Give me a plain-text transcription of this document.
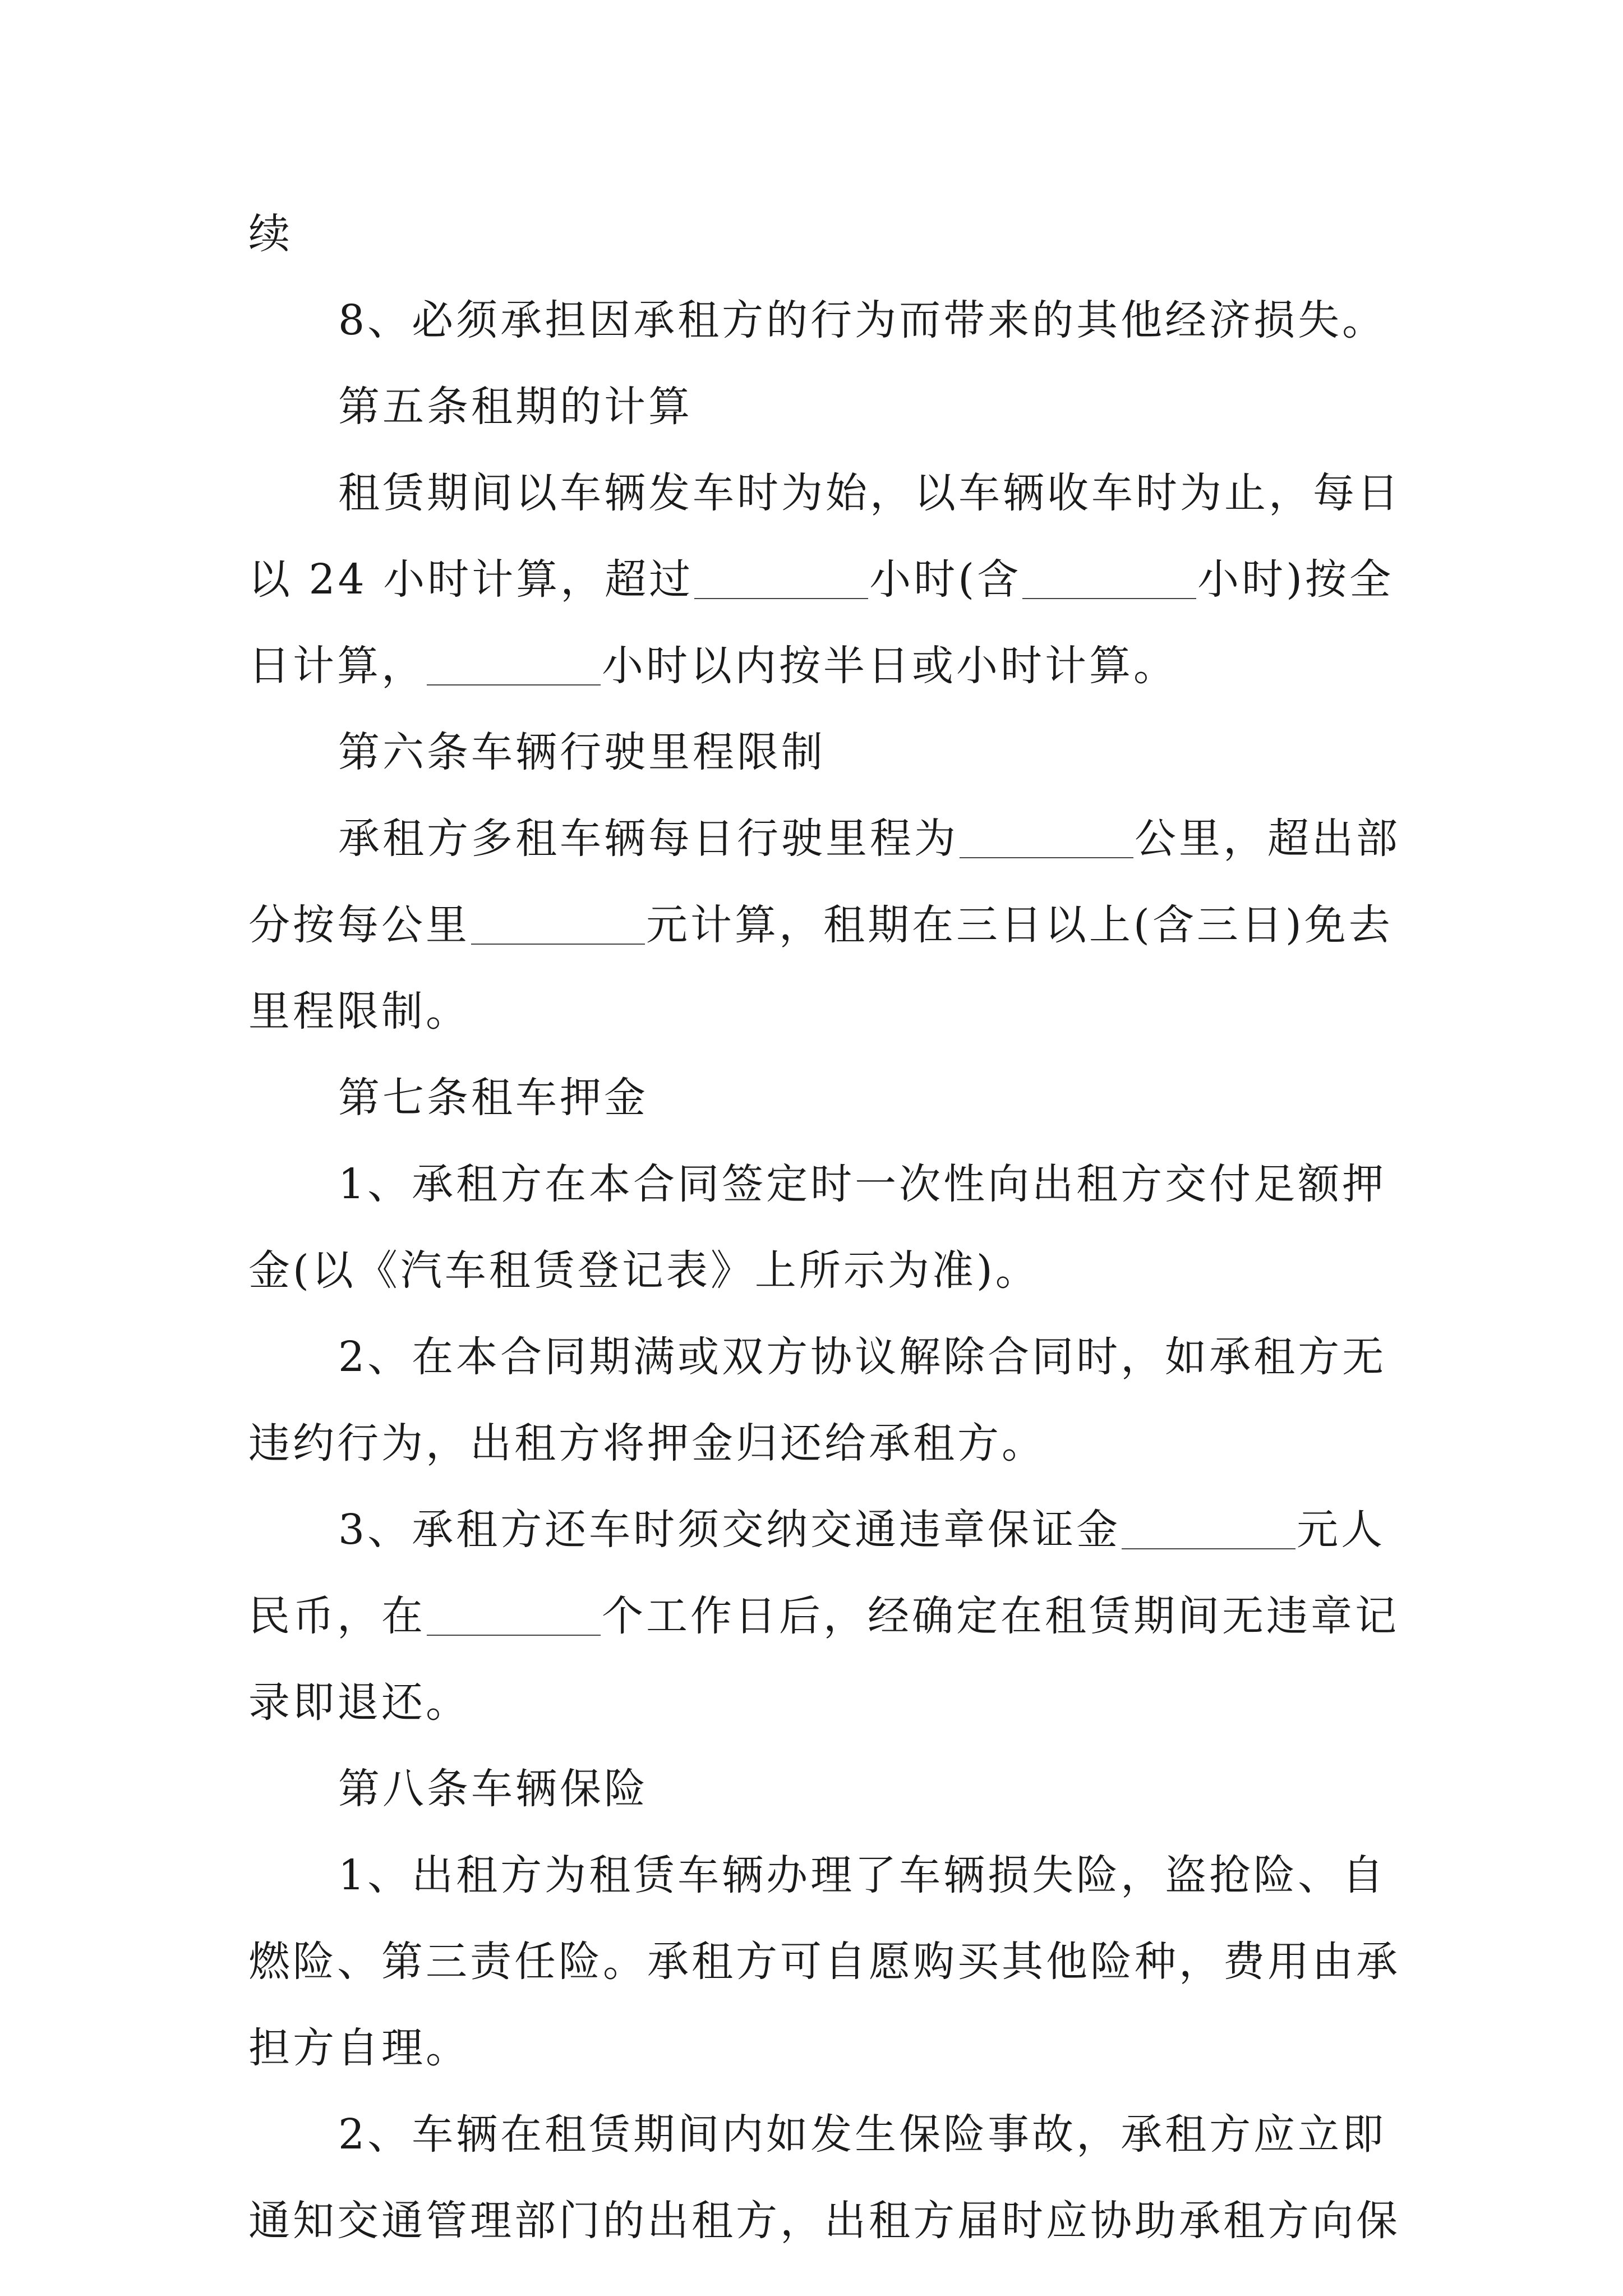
续
8、必须承担因承租方的行为而带来的其他经济损失。
第五条租期的计算
租赁期间以车辆发车时为始，以车辆收车时为止，每日
以 24 小时计算，超过	小时(含	小时)按全
日计算，	小时以内按半日或小时计算。
第六条车辆行驶里程限制
承租方多租车辆每日行驶里程为	公里，超出部
分按每公里	元计算，租期在三日以上(含三日)免去
里程限制。
第七条租车押金
1、承租方在本合同签定时一次性向出租方交付足额押
金(以《汽车租赁登记表》上所示为准)。
2、在本合同期满或双方协议解除合同时，如承租方无
违约行为，出租方将押金归还给承租方。
3、承租方还车时须交纳交通违章保证金	元人
民币，在	个工作日后，经确定在租赁期间无违章记
录即退还。
第八条车辆保险
1、出租方为租赁车辆办理了车辆损失险，盗抢险、自
燃险、第三责任险。承租方可自愿购买其他险种，费用由承
担方自理。
2、车辆在租赁期间内如发生保险事故，承租方应立即
通知交通管理部门的出租方，出租方届时应协助承租方向保
